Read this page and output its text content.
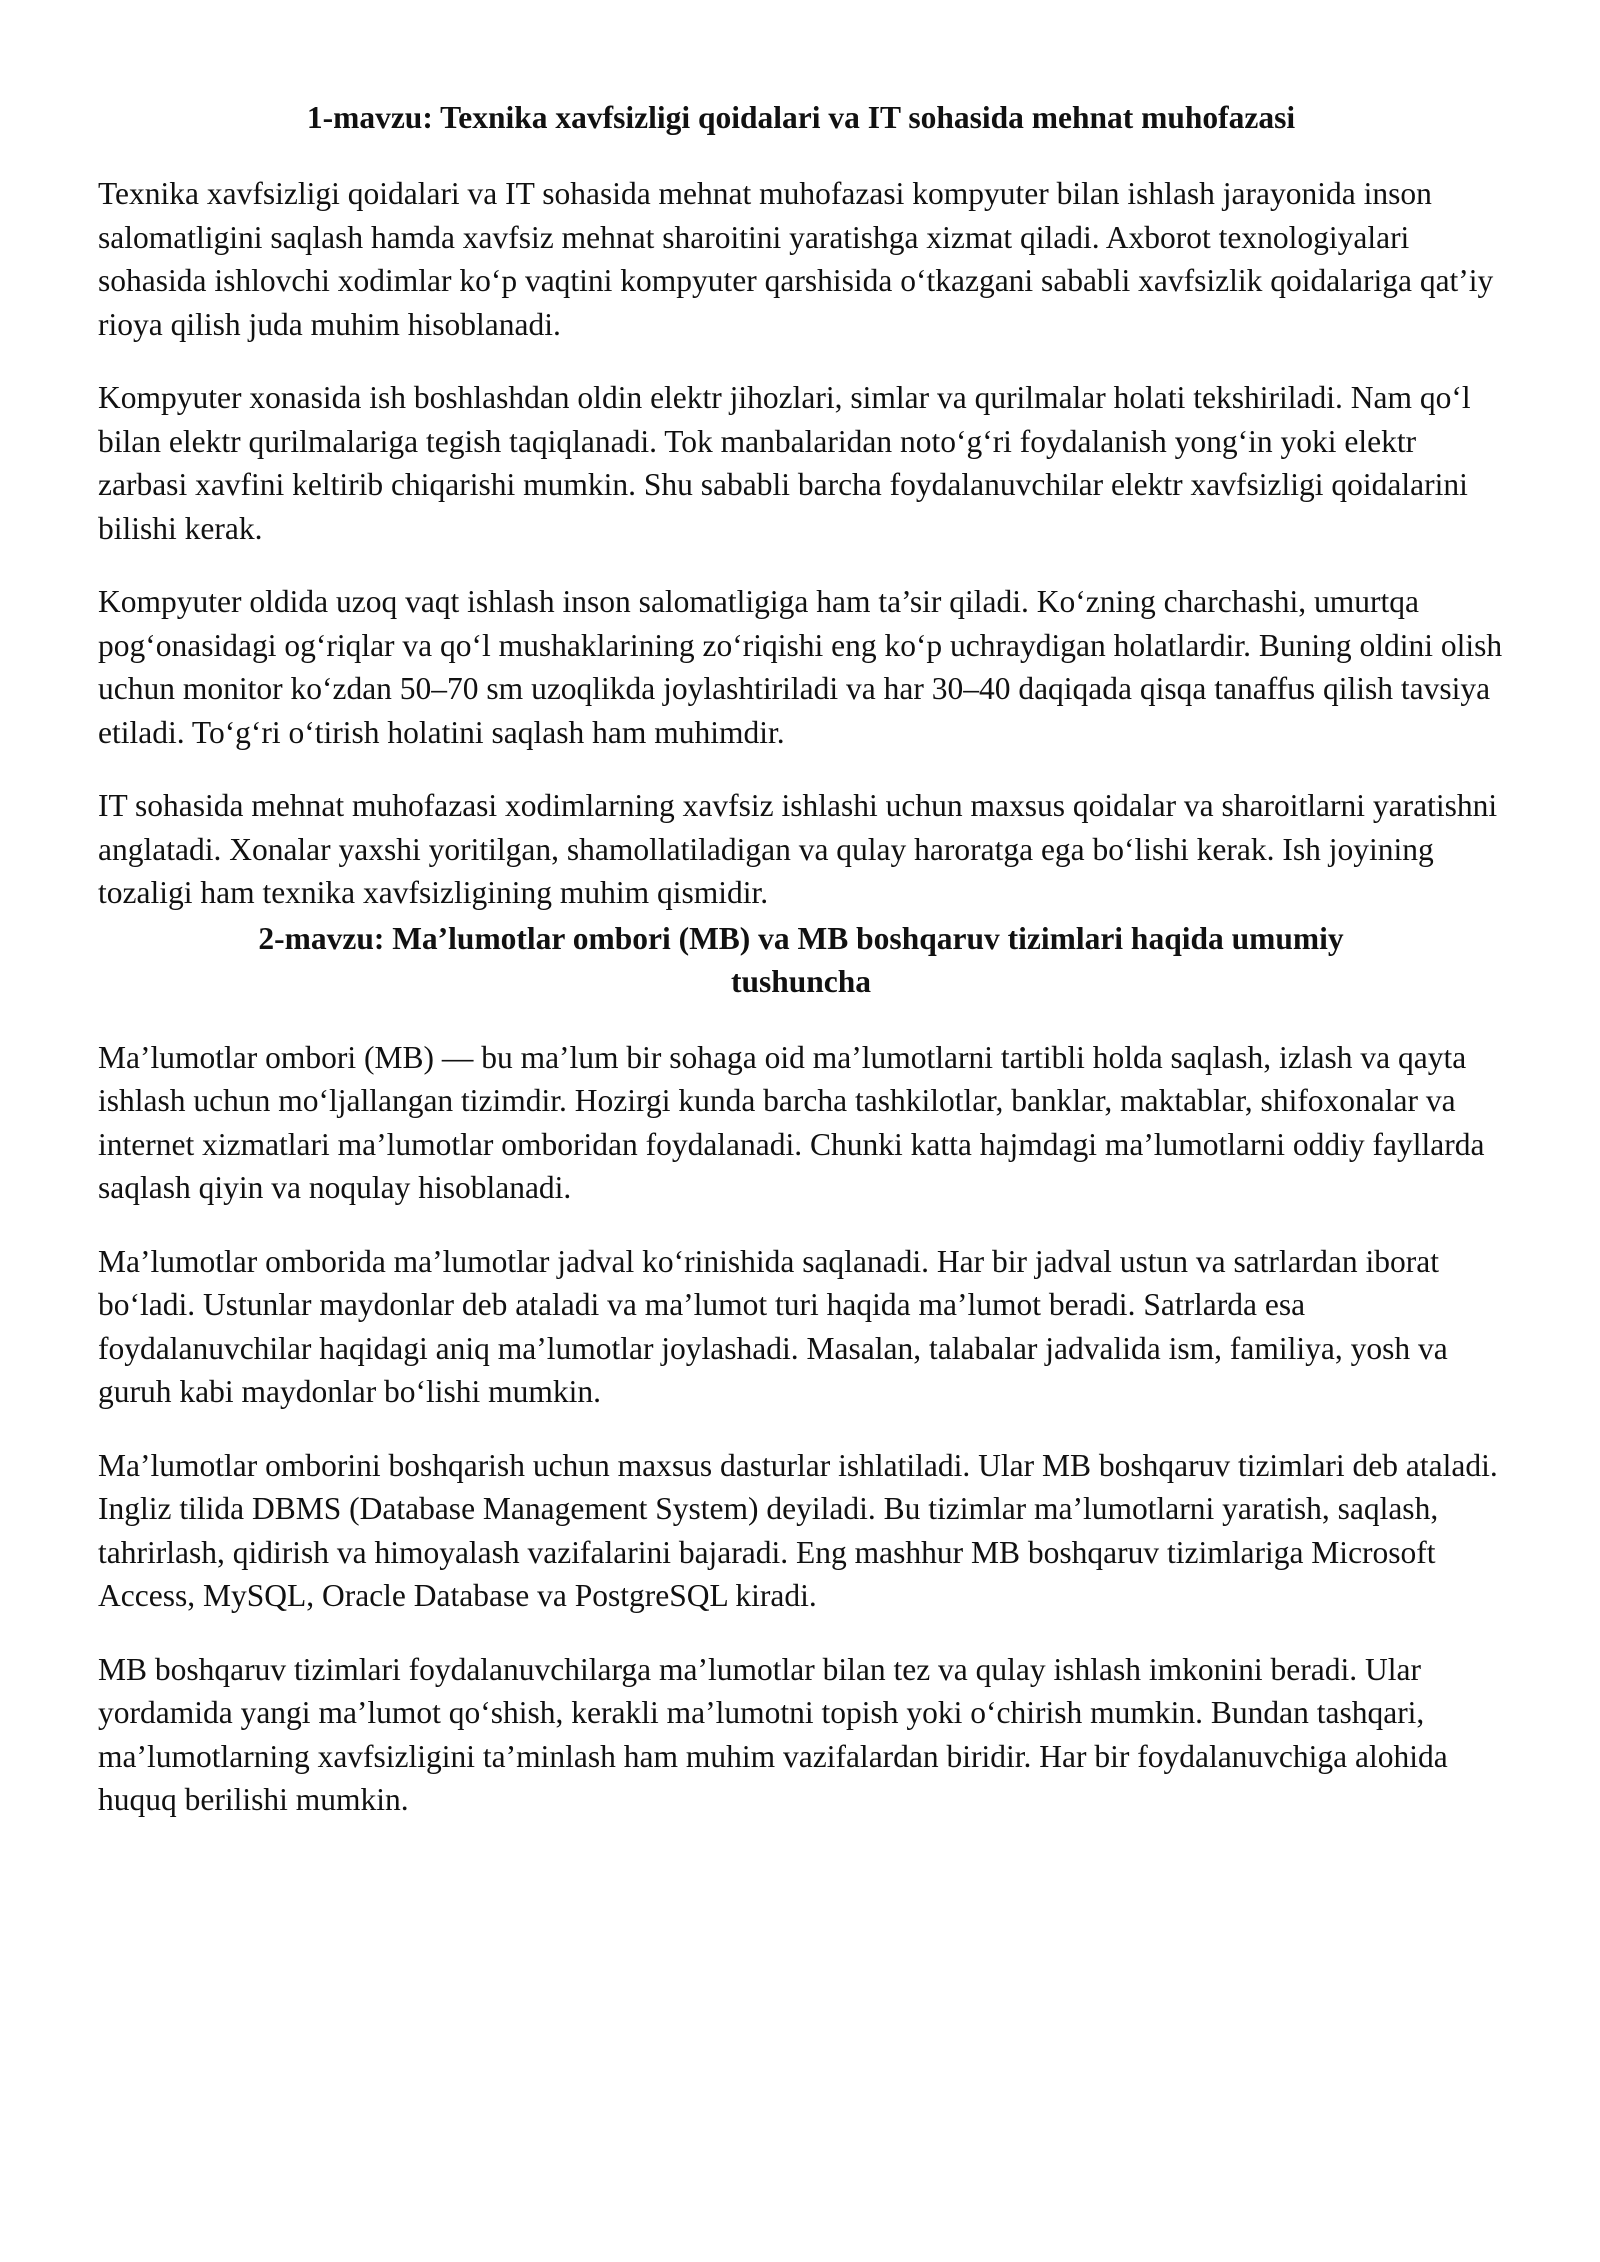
1-mavzu: Texnika xavfsizligi qoidalari va IT sohasida mehnat muhofazasi

Texnika xavfsizligi qoidalari va IT sohasida mehnat muhofazasi kompyuter bilan ishlash jarayonida inson salomatligini saqlash hamda xavfsiz mehnat sharoitini yaratishga xizmat qiladi. Axborot texnologiyalari sohasida ishlovchi xodimlar ko‘p vaqtini kompyuter qarshisida o‘tkazgani sababli xavfsizlik qoidalariga qat’iy rioya qilish juda muhim hisoblanadi.

Kompyuter xonasida ish boshlashdan oldin elektr jihozlari, simlar va qurilmalar holati tekshiriladi. Nam qo‘l bilan elektr qurilmalariga tegish taqiqlanadi. Tok manbalaridan noto‘g‘ri foydalanish yong‘in yoki elektr zarbasi xavfini keltirib chiqarishi mumkin. Shu sababli barcha foydalanuvchilar elektr xavfsizligi qoidalarini bilishi kerak.

Kompyuter oldida uzoq vaqt ishlash inson salomatligiga ham ta’sir qiladi. Ko‘zning charchashi, umurtqa pog‘onasidagi og‘riqlar va qo‘l mushaklarining zo‘riqishi eng ko‘p uchraydigan holatlardir. Buning oldini olish uchun monitor ko‘zdan 50–70 sm uzoqlikda joylashtiriladi va har 30–40 daqiqada qisqa tanaffus qilish tavsiya etiladi. To‘g‘ri o‘tirish holatini saqlash ham muhimdir.

IT sohasida mehnat muhofazasi xodimlarning xavfsiz ishlashi uchun maxsus qoidalar va sharoitlarni yaratishni anglatadi. Xonalar yaxshi yoritilgan, shamollatiladigan va qulay haroratga ega bo‘lishi kerak. Ish joyining tozaligi ham texnika xavfsizligining muhim qismidir.

2-mavzu: Ma’lumotlar ombori (MB) va MB boshqaruv tizimlari haqida umumiy tushuncha

Ma’lumotlar ombori (MB) — bu ma’lum bir sohaga oid ma’lumotlarni tartibli holda saqlash, izlash va qayta ishlash uchun mo‘ljallangan tizimdir. Hozirgi kunda barcha tashkilotlar, banklar, maktablar, shifoxonalar va internet xizmatlari ma’lumotlar omboridan foydalanadi. Chunki katta hajmdagi ma’lumotlarni oddiy fayllarda saqlash qiyin va noqulay hisoblanadi.

Ma’lumotlar omborida ma’lumotlar jadval ko‘rinishida saqlanadi. Har bir jadval ustun va satrlardan iborat bo‘ladi. Ustunlar maydonlar deb ataladi va ma’lumot turi haqida ma’lumot beradi. Satrlarda esa foydalanuvchilar haqidagi aniq ma’lumotlar joylashadi. Masalan, talabalar jadvalida ism, familiya, yosh va guruh kabi maydonlar bo‘lishi mumkin.

Ma’lumotlar omborini boshqarish uchun maxsus dasturlar ishlatiladi. Ular MB boshqaruv tizimlari deb ataladi. Ingliz tilida DBMS (Database Management System) deyiladi. Bu tizimlar ma’lumotlarni yaratish, saqlash, tahrirlash, qidirish va himoyalash vazifalarini bajaradi. Eng mashhur MB boshqaruv tizimlariga Microsoft Access, MySQL, Oracle Database va PostgreSQL kiradi.

MB boshqaruv tizimlari foydalanuvchilarga ma’lumotlar bilan tez va qulay ishlash imkonini beradi. Ular yordamida yangi ma’lumot qo‘shish, kerakli ma’lumotni topish yoki o‘chirish mumkin. Bundan tashqari, ma’lumotlarning xavfsizligini ta’minlash ham muhim vazifalardan biridir. Har bir foydalanuvchiga alohida huquq berilishi mumkin.
